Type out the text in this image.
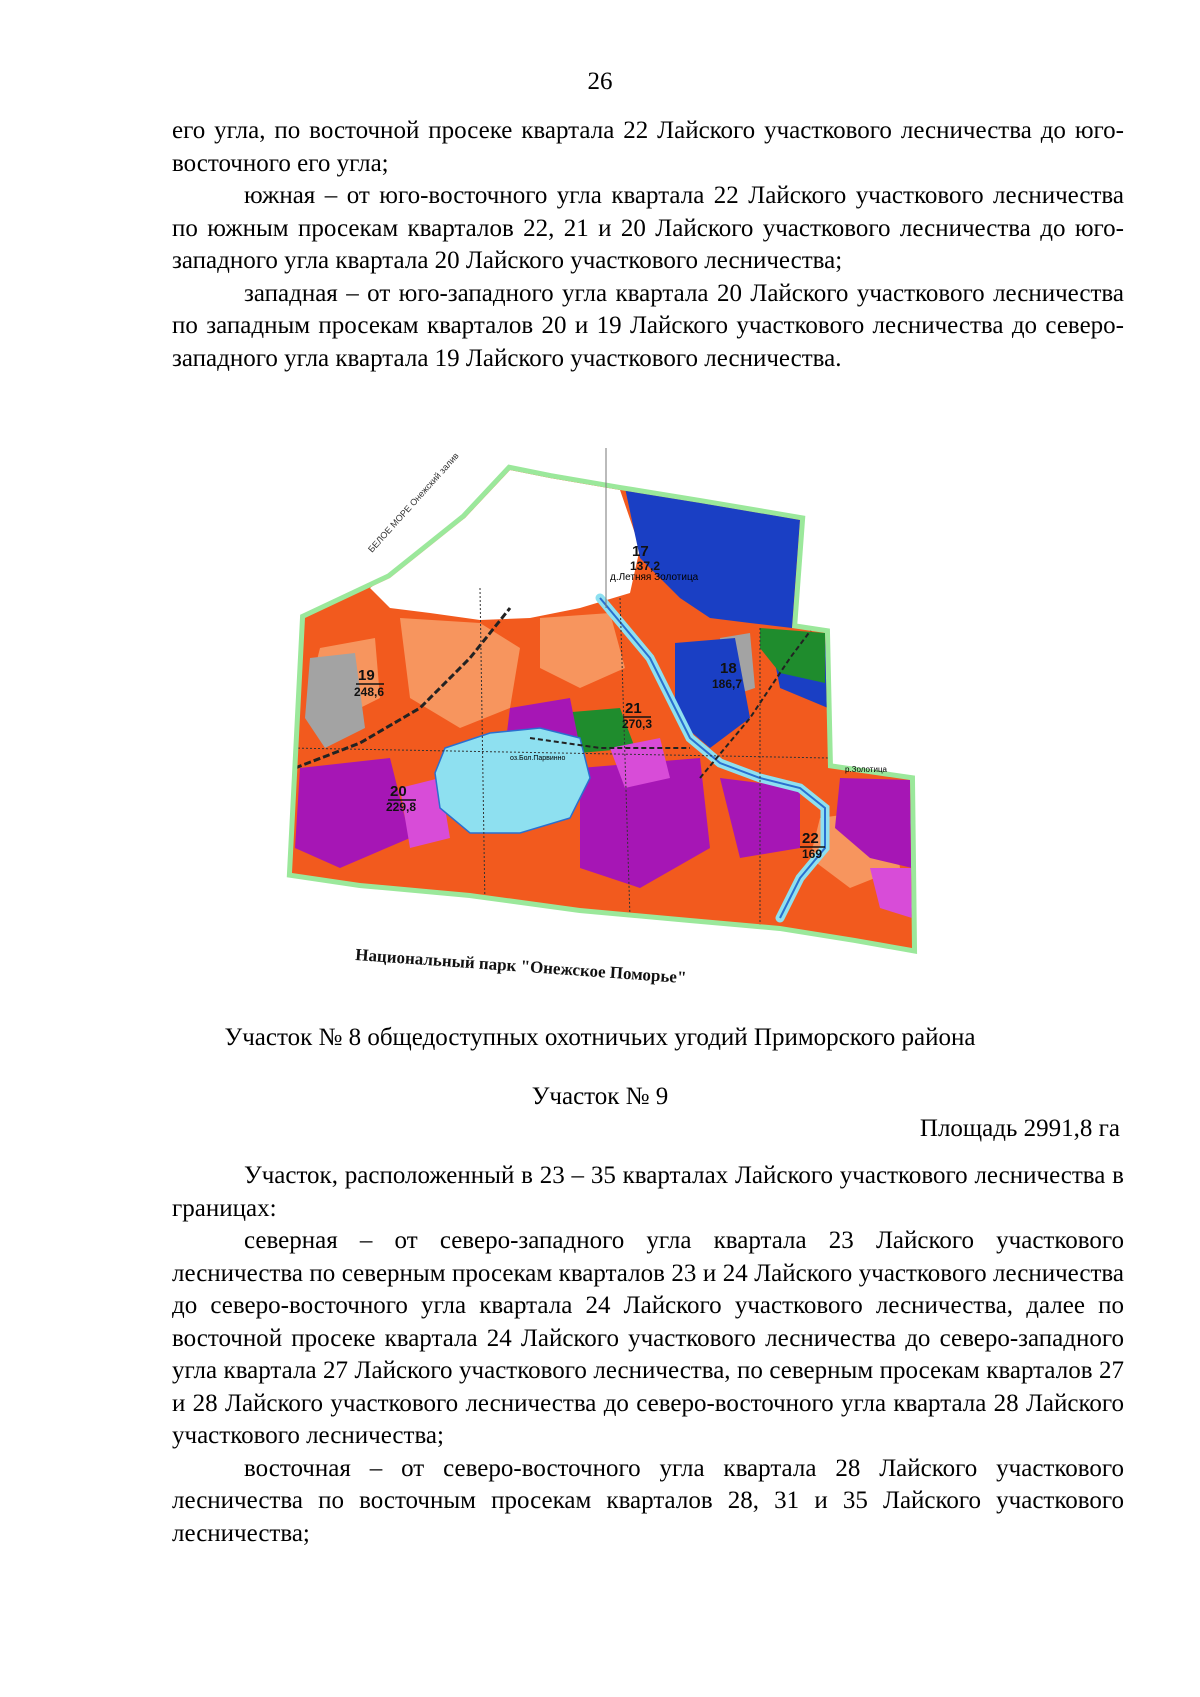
26

его угла, по восточной просеке квартала 22 Лайского участкового лесничества до юго-восточного его угла;

южная – от юго-восточного угла квартала 22 Лайского участкового лесничества по южным просекам кварталов 22, 21 и 20 Лайского участкового лесничества до юго-западного угла квартала 20 Лайского участкового лесничества;

западная – от юго-западного угла квартала 20 Лайского участкового лесничества по западным просекам кварталов 20 и 19 Лайского участкового лесничества до северо-западного угла квартала 19 Лайского участкового лесничества.

БЕЛОЕ МОРЕ Онежский залив
д.Летняя Золотица
оз.Бол.Парвинно
р.Золотица
17
137,2
18
186,7
19
248,6
20
229,8
21
270,3
22
169
Национальный парк "Онежское Поморье"
Участок № 8 общедоступных охотничьих угодий Приморского района
Участок № 9
Площадь 2991,8 га

Участок, расположенный в 23 – 35 кварталах Лайского участкового лесничества в границах:

северная – от северо-западного угла квартала 23 Лайского участкового лесничества по северным просекам кварталов 23 и 24 Лайского участкового лесничества до северо-восточного угла квартала 24 Лайского участкового лесничества, далее по восточной просеке квартала 24 Лайского участкового лесничества до северо-западного угла квартала 27 Лайского участкового лесничества, по северным просекам кварталов 27 и 28 Лайского участкового лесничества до северо-восточного угла квартала 28 Лайского участкового лесничества;

восточная – от северо-восточного угла квартала 28 Лайского участкового лесничества по восточным просекам кварталов 28, 31 и 35 Лайского участкового лесничества;
